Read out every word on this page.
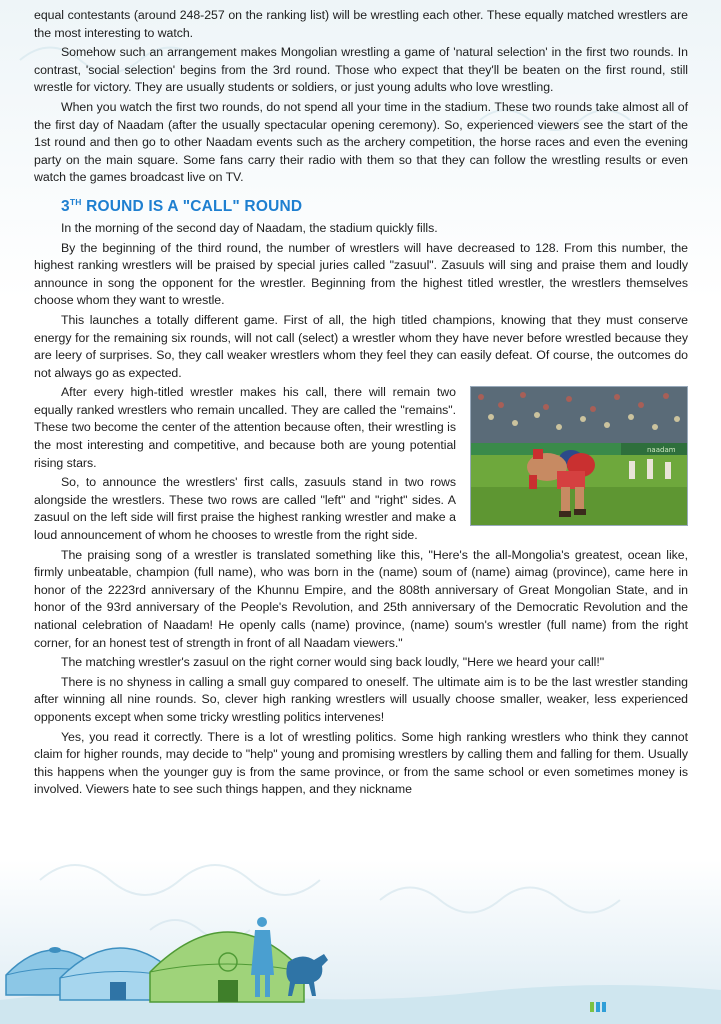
equal contestants (around 248-257 on the ranking list) will be wrestling each other. These equally matched wrestlers are the most interesting to watch.

Somehow such an arrangement makes Mongolian wrestling a game of 'natural selection' in the first two rounds. In contrast, 'social selection' begins from the 3rd round. Those who expect that they'll be beaten on the first round, still wrestle for victory. They are usually students or soldiers, or just young adults who love wrestling.

When you watch the first two rounds, do not spend all your time in the stadium. These two rounds take almost all of the first day of Naadam (after the usually spectacular opening ceremony). So, experienced viewers see the start of the 1st round and then go to other Naadam events such as the archery competition, the horse races and even the evening party on the main square. Some fans carry their radio with them so that they can follow the wrestling results or even watch the games broadcast live on TV.

3TH ROUND IS A "CALL" ROUND

In the morning of the second day of Naadam, the stadium quickly fills.

By the beginning of the third round, the number of wrestlers will have decreased to 128. From this number, the highest ranking wrestlers will be praised by special juries called "zasuul". Zasuuls will sing and praise them and loudly announce in song the opponent for the wrestler. Beginning from the highest titled wrestler, the wrestlers themselves choose whom they want to wrestle.

This launches a totally different game. First of all, the high titled champions, knowing that they must conserve energy for the remaining six rounds, will not call (select) a wrestler whom they have never before wrestled because they are leery of surprises. So, they call weaker wrestlers whom they feel they can easily defeat. Of course, the outcomes do not always go as expected.

naadam

After every high-titled wrestler makes his call, there will remain two equally ranked wrestlers who remain uncalled. They are called the "remains". These two become the center of the attention because often, their wrestling is the most interesting and competitive, and because both are young potential rising stars.

So, to announce the wrestlers' first calls, zasuuls stand in two rows alongside the wrestlers. These two rows are called "left" and "right" sides. A zasuul on the left side will first praise the highest ranking wrestler and make a loud announcement of whom he chooses to wrestle from the right side.

The praising song of a wrestler is translated something like this, "Here's the all-Mongolia's greatest, ocean like, firmly unbeatable, champion (full name), who was born in the (name) soum of (name) aimag (province), came here in honor of the 2223rd anniversary of the Khunnu Empire, and the 808th anniversary of Great Mongolian State, and in honor of the 93rd anniversary of the People's Revolution, and 25th anniversary of the Democratic Revolution and the national celebration of Naadam! He openly calls (name) province, (name) soum's wrestler (full name) from the right corner, for an honest test of strength in front of all Naadam viewers."

The matching wrestler's zasuul on the right corner would sing back loudly, "Here we heard your call!"

There is no shyness in calling a small guy compared to oneself. The ultimate aim is to be the last wrestler standing after winning all nine rounds. So, clever high ranking wrestlers will usually choose smaller, weaker, less experienced opponents except when some tricky wrestling politics intervenes!

Yes, you read it correctly. There is a lot of wrestling politics. Some high ranking wrestlers who think they cannot claim for higher rounds, may decide to "help" young and promising wrestlers by calling them and falling for them. Usually this happens when the younger guy is from the same province, or from the same school or even sometimes money is involved. Viewers hate to see such things happen, and they nickname
